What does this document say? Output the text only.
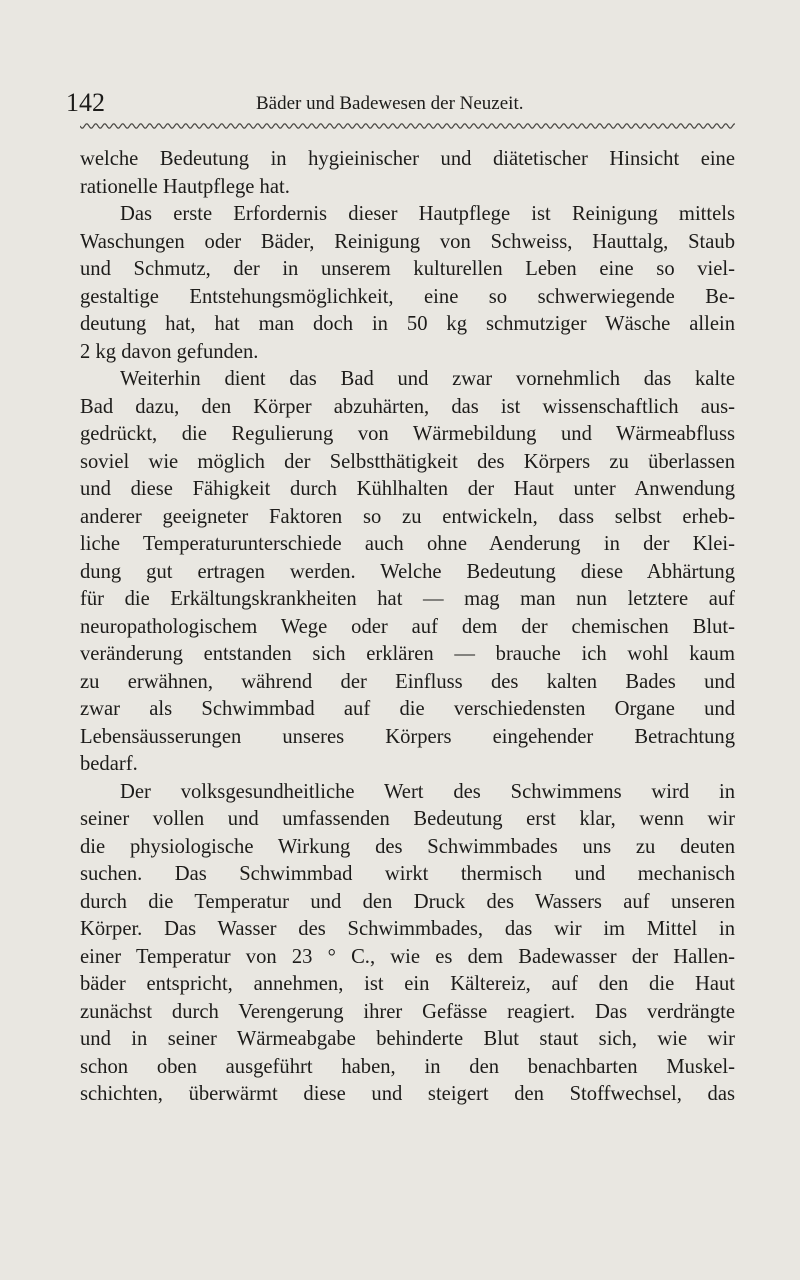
142	Bäder und Badewesen der Neuzeit.
welche Bedeutung in hygieinischer und diätetischer Hinsicht eine
rationelle Hautpflege hat.
Das erste Erfordernis dieser Hautpflege ist Reinigung mittels
Waschungen oder Bäder, Reinigung von Schweiss, Hauttalg, Staub
und Schmutz, der in unserem kulturellen Leben eine so viel-
gestaltige Entstehungsmöglichkeit, eine so schwerwiegende Be-
deutung hat, hat man doch in 50 kg schmutziger Wäsche allein
2 kg davon gefunden.
Weiterhin dient das Bad und zwar vornehmlich das kalte
Bad dazu, den Körper abzuhärten, das ist wissenschaftlich aus-
gedrückt, die Regulierung von Wärmebildung und Wärmeabfluss
soviel wie möglich der Selbstthätigkeit des Körpers zu überlassen
und diese Fähigkeit durch Kühlhalten der Haut unter Anwendung
anderer geeigneter Faktoren so zu entwickeln, dass selbst erheb-
liche Temperaturunterschiede auch ohne Aenderung in der Klei-
dung gut ertragen werden. Welche Bedeutung diese Abhärtung
für die Erkältungskrankheiten hat — mag man nun letztere auf
neuropathologischem Wege oder auf dem der chemischen Blut-
veränderung entstanden sich erklären — brauche ich wohl kaum
zu erwähnen, während der Einfluss des kalten Bades und
zwar als Schwimmbad auf die verschiedensten Organe und
Lebensäusserungen unseres Körpers eingehender Betrachtung
bedarf.
Der volksgesundheitliche Wert des Schwimmens wird in
seiner vollen und umfassenden Bedeutung erst klar, wenn wir
die physiologische Wirkung des Schwimmbades uns zu deuten
suchen. Das Schwimmbad wirkt thermisch und mechanisch
durch die Temperatur und den Druck des Wassers auf unseren
Körper. Das Wasser des Schwimmbades, das wir im Mittel in
einer Temperatur von 23 ° C., wie es dem Badewasser der Hallen-
bäder entspricht, annehmen, ist ein Kältereiz, auf den die Haut
zunächst durch Verengerung ihrer Gefässe reagiert. Das verdrängte
und in seiner Wärmeabgabe behinderte Blut staut sich, wie wir
schon oben ausgeführt haben, in den benachbarten Muskel-
schichten, überwärmt diese und steigert den Stoffwechsel, das
